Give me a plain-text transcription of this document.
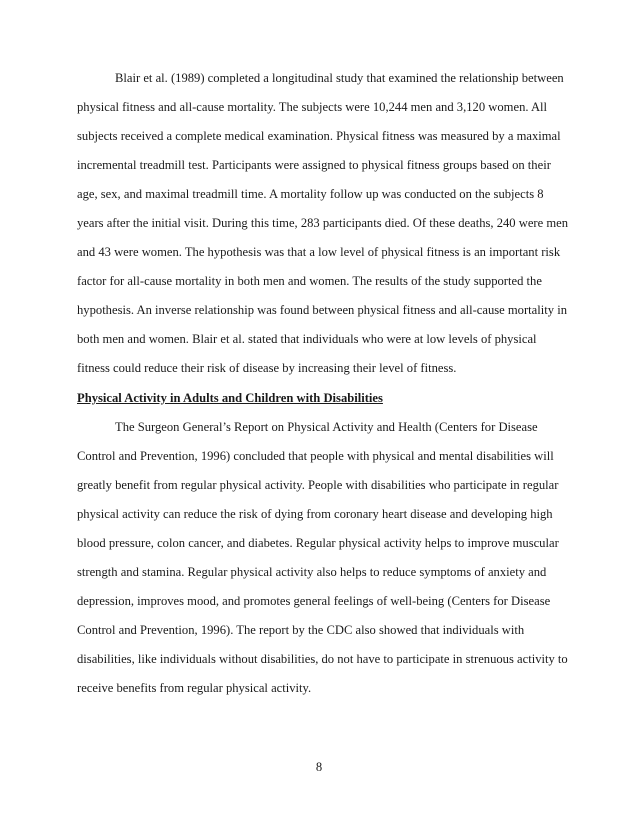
Blair et al. (1989) completed a longitudinal study that examined the relationship between
physical fitness and all-cause mortality. The subjects were 10,244 men and 3,120 women. All
subjects received a complete medical examination. Physical fitness was measured by a maximal
incremental treadmill test. Participants were assigned to physical fitness groups based on their
age, sex, and maximal treadmill time. A mortality follow up was conducted on the subjects 8
years after the initial visit. During this time, 283 participants died. Of these deaths, 240 were men
and 43 were women. The hypothesis was that a low level of physical fitness is an important risk
factor for all-cause mortality in both men and women. The results of the study supported the
hypothesis. An inverse relationship was found between physical fitness and all-cause mortality in
both men and women. Blair et al. stated that individuals who were at low levels of physical
fitness could reduce their risk of disease by increasing their level of fitness.
Physical Activity in Adults and Children with Disabilities
The Surgeon General’s Report on Physical Activity and Health (Centers for Disease
Control and Prevention, 1996) concluded that people with physical and mental disabilities will
greatly benefit from regular physical activity. People with disabilities who participate in regular
physical activity can reduce the risk of dying from coronary heart disease and developing high
blood pressure, colon cancer, and diabetes. Regular physical activity helps to improve muscular
strength and stamina. Regular physical activity also helps to reduce symptoms of anxiety and
depression, improves mood, and promotes general feelings of well-being (Centers for Disease
Control and Prevention, 1996). The report by the CDC also showed that individuals with
disabilities, like individuals without disabilities, do not have to participate in strenuous activity to
receive benefits from regular physical activity.
8
